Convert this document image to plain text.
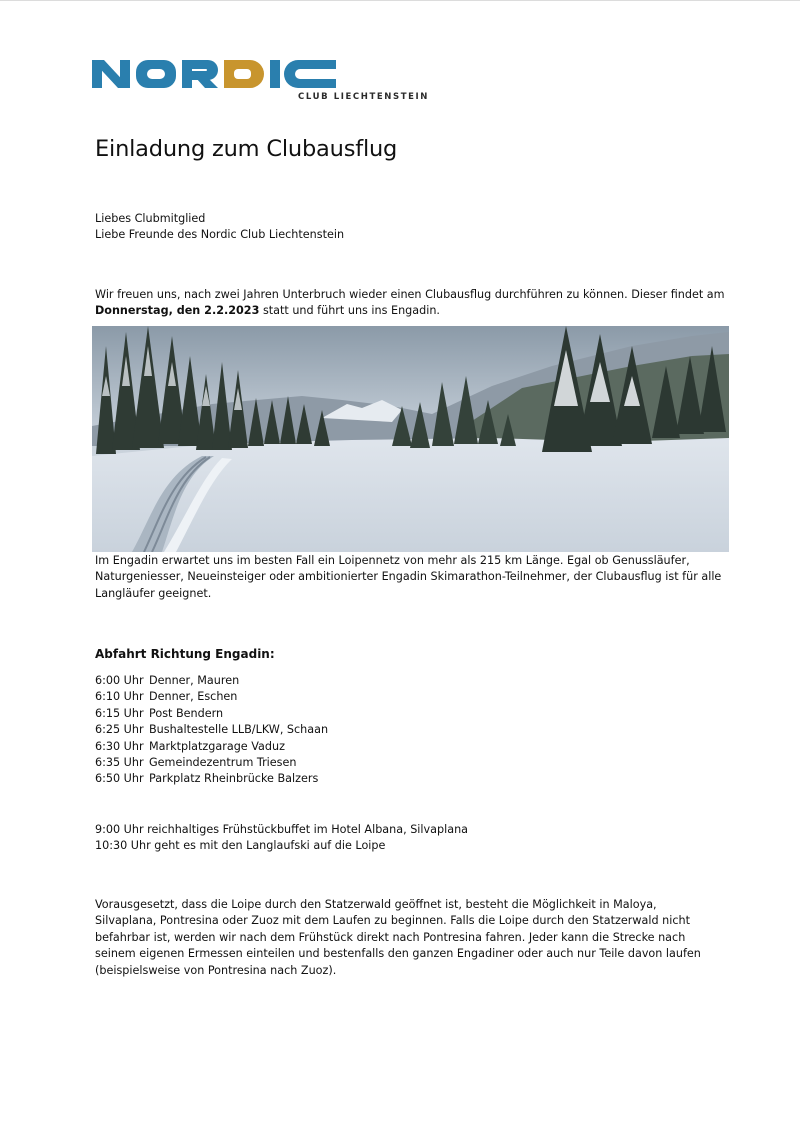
CLUB LIECHTENSTEIN
Einladung zum Clubausflug

Liebes Clubmitglied

Liebe Freunde des Nordic Club Liechtenstein

Wir freuen uns, nach zwei Jahren Unterbruch wieder einen Clubausflug durchführen zu können. Dieser findet am Donnerstag, den 2.2.2023 statt und führt uns ins Engadin.

Im Engadin erwartet uns im besten Fall ein Loipennetz von mehr als 215 km Länge. Egal ob Genussläufer, Naturgeniesser, Neueinsteiger oder ambitionierter Engadin Skimarathon-Teilnehmer, der Clubausflug ist für alle Langläufer geeignet.
Abfahrt Richtung Engadin:
6:00 Uhr Denner, Mauren
6:10 Uhr Denner, Eschen
6:15 Uhr Post Bendern
6:25 Uhr Bushaltestelle LLB/LKW, Schaan
6:30 Uhr Marktplatzgarage Vaduz
6:35 Uhr Gemeindezentrum Triesen
6:50 Uhr Parkplatz Rheinbrücke Balzers

9:00 Uhr reichhaltiges Frühstückbuffet im Hotel Albana, Silvaplana

10:30 Uhr geht es mit den Langlaufski auf die Loipe

Vorausgesetzt, dass die Loipe durch den Statzerwald geöffnet ist, besteht die Möglichkeit in Maloya, Silvaplana, Pontresina oder Zuoz mit dem Laufen zu beginnen. Falls die Loipe durch den Statzerwald nicht befahrbar ist, werden wir nach dem Frühstück direkt nach Pontresina fahren. Jeder kann die Strecke nach seinem eigenen Ermessen einteilen und bestenfalls den ganzen Engadiner oder auch nur Teile davon laufen (beispielsweise von Pontresina nach Zuoz).
